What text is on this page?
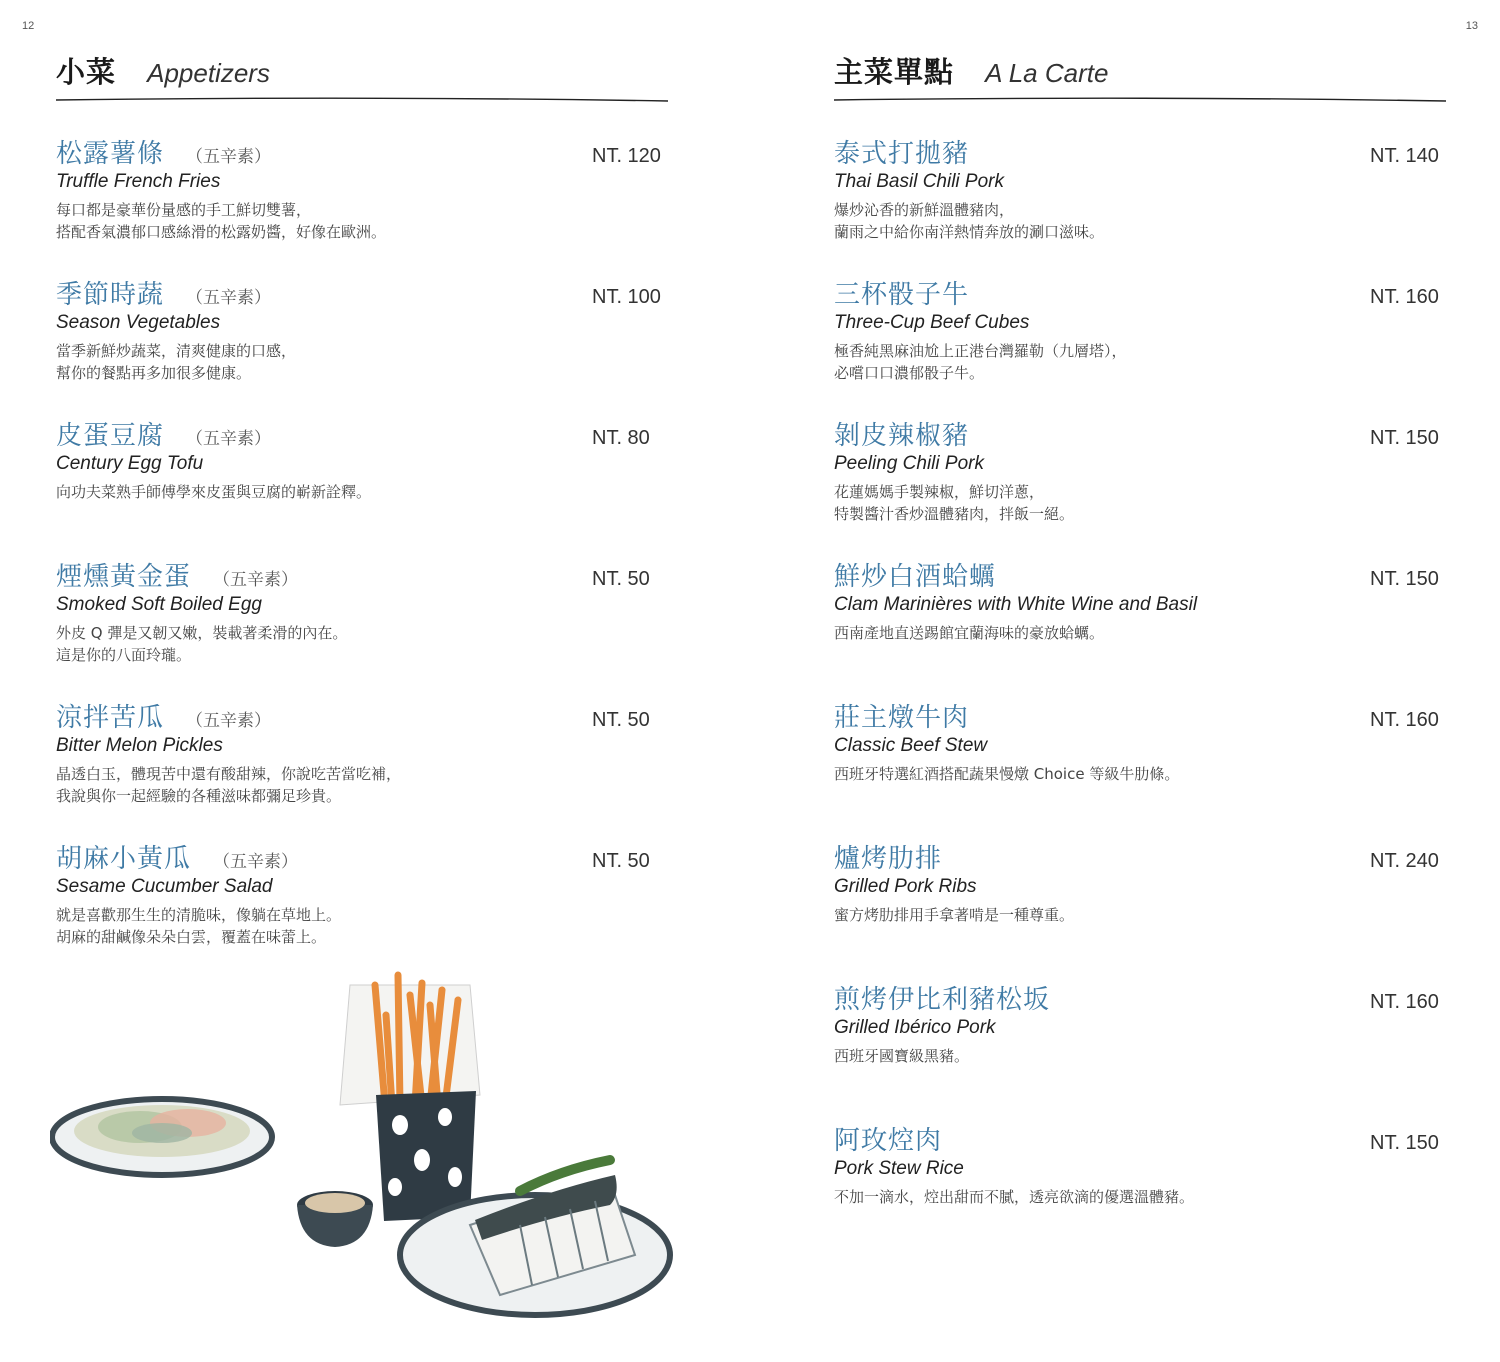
12	13
小菜 Appetizers
松露薯條 （五辛素）
Truffle French Fries
每口都是豪華份量感的手工鮮切雙薯，
搭配香氣濃郁口感絲滑的松露奶醬，好像在歐洲。
NT. 120
季節時蔬 （五辛素）
Season Vegetables
當季新鮮炒蔬菜，清爽健康的口感，
幫你的餐點再多加很多健康。
NT. 100
皮蛋豆腐 （五辛素）
Century Egg Tofu
向功夫菜熟手師傅學來皮蛋與豆腐的嶄新詮釋。
NT. 80
煙燻黃金蛋 （五辛素）
Smoked Soft Boiled Egg
外皮 Q 彈是又韌又嫩，裝載著柔滑的內在。
這是你的八面玲瓏。
NT. 50
涼拌苦瓜 （五辛素）
Bitter Melon Pickles
晶透白玉，體現苦中還有酸甜辣，你說吃苦當吃補，
我說與你一起經驗的各種滋味都彌足珍貴。
NT. 50
胡麻小黃瓜 （五辛素）
Sesame Cucumber Salad
就是喜歡那生生的清脆味，像躺在草地上。
胡麻的甜鹹像朵朵白雲，覆蓋在味蕾上。
NT. 50
主菜單點 A La Carte
泰式打拋豬
Thai Basil Chili Pork
爆炒沁香的新鮮溫體豬肉，
蘭雨之中給你南洋熱情奔放的涮口滋味。
NT. 140
三杯骰子牛
Three-Cup Beef Cubes
極香純黑麻油尬上正港台灣羅勒（九層塔），
必嚐口口濃郁骰子牛。
NT. 160
剝皮辣椒豬
Peeling Chili Pork
花蓮媽媽手製辣椒，鮮切洋蔥，
特製醬汁香炒溫體豬肉，拌飯一絕。
NT. 150
鮮炒白酒蛤蠣
Clam Marinières with White Wine and Basil
西南產地直送踢館宜蘭海味的豪放蛤蠣。
NT. 150
莊主燉牛肉
Classic Beef Stew
西班牙特選紅酒搭配蔬果慢燉 Choice 等級牛肋條。
NT. 160
爐烤肋排
Grilled Pork Ribs
蜜方烤肋排用手拿著啃是一種尊重。
NT. 240
煎烤伊比利豬松坂
Grilled Ibérico Pork
西班牙國寶級黑豬。
NT. 160
阿玫焢肉
Pork Stew Rice
不加一滴水，焢出甜而不膩，透亮欲滴的優選溫體豬。
NT. 150
